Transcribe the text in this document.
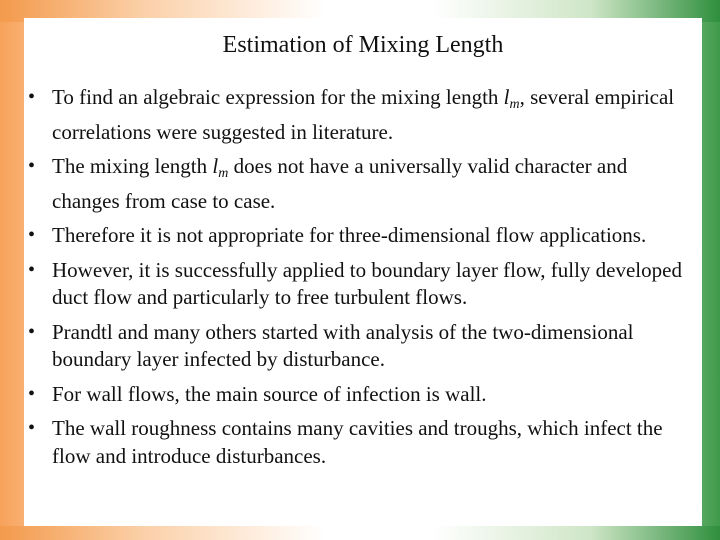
Estimation of Mixing Length
• To find an algebraic expression for the mixing length $l_m$, several empirical correlations were suggested in literature.
• The mixing length $l_m$ does not have a universally valid character and changes from case to case.
• Therefore it is not appropriate for three-dimensional flow applications.
• However, it is successfully applied to boundary layer flow, fully developed duct flow and particularly to free turbulent flows.
• Prandtl and many others started with analysis of the two-dimensional boundary layer infected by disturbance.
• For wall flows, the main source of infection is wall.
• The wall roughness contains many cavities and troughs, which infect the flow and introduce disturbances.
